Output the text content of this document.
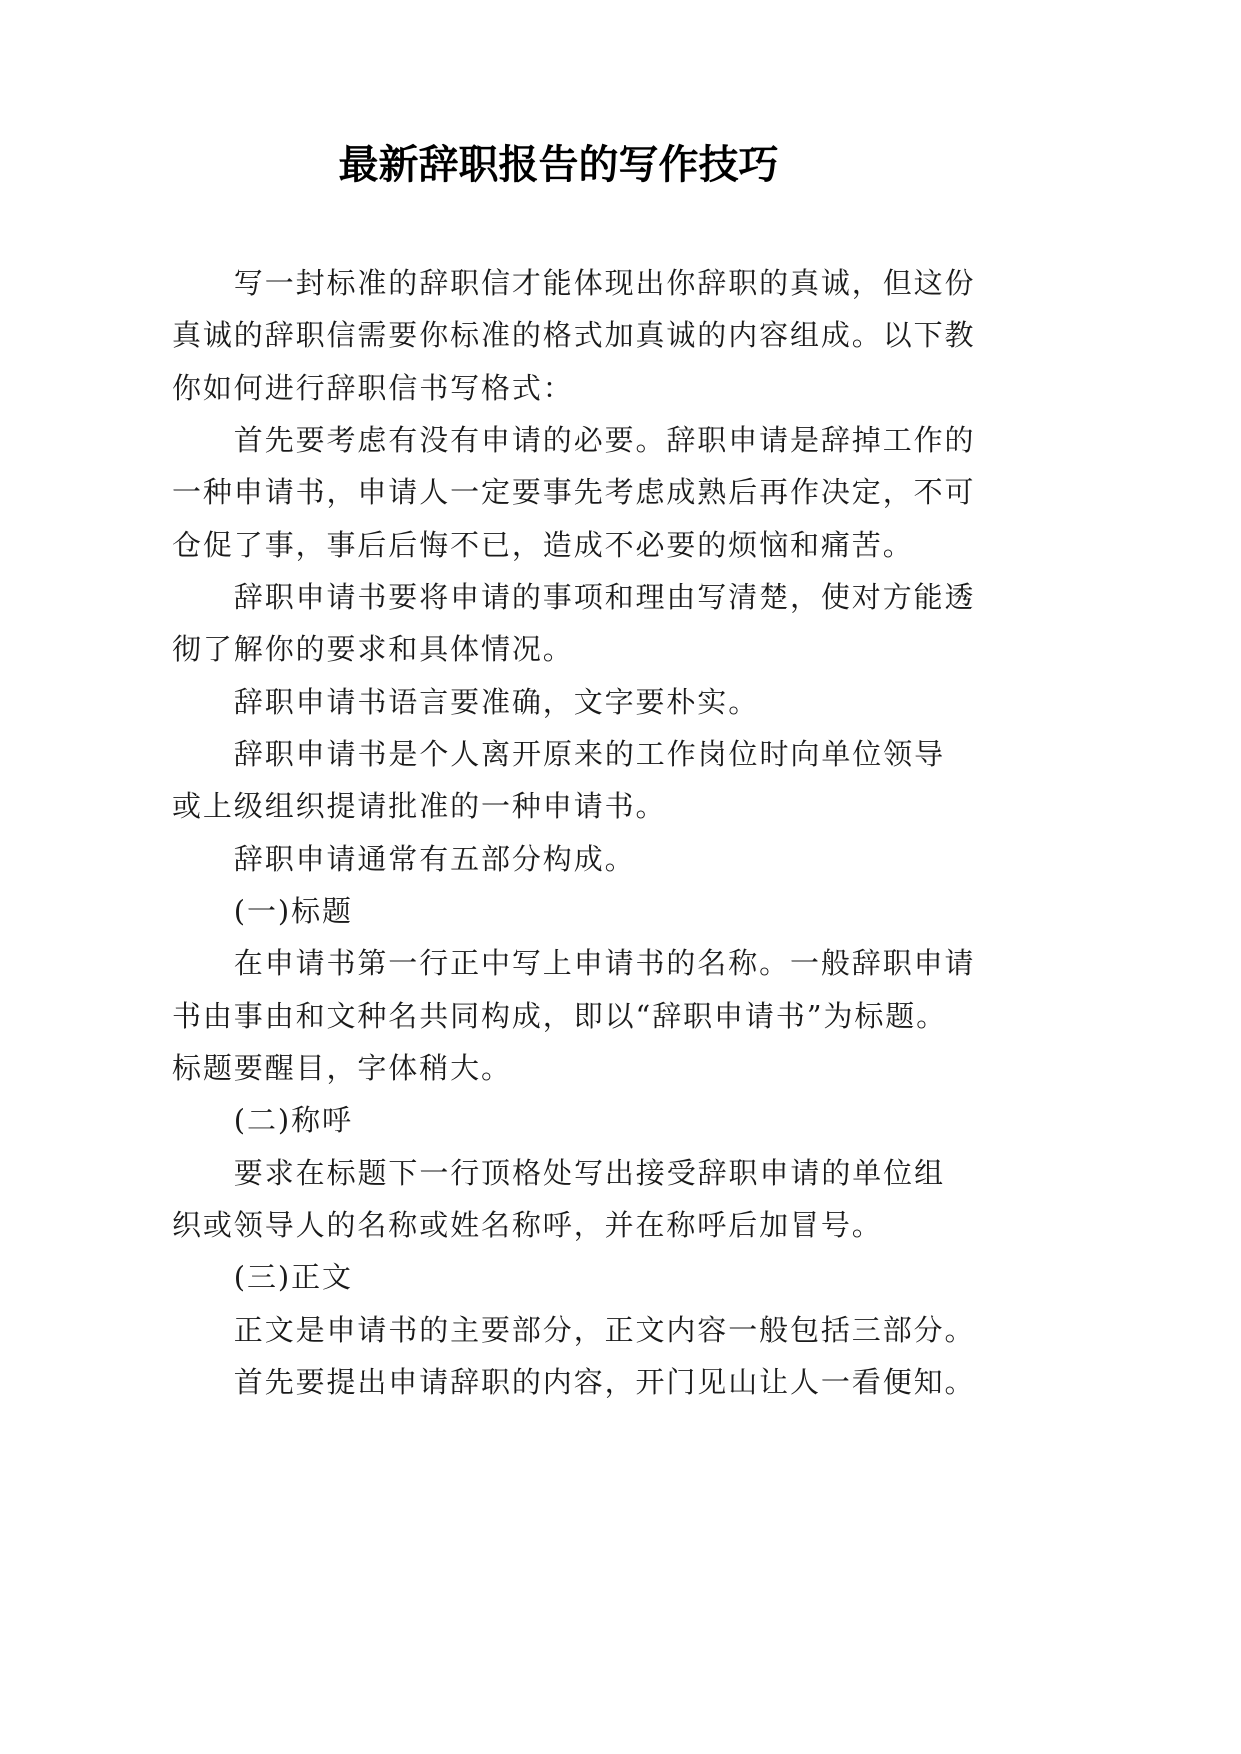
最新辞职报告的写作技巧
写一封标准的辞职信才能体现出你辞职的真诚，但这份
真诚的辞职信需要你标准的格式加真诚的内容组成。以下教
你如何进行辞职信书写格式：
首先要考虑有没有申请的必要。辞职申请是辞掉工作的
一种申请书，申请人一定要事先考虑成熟后再作决定，不可
仓促了事，事后后悔不已，造成不必要的烦恼和痛苦。
辞职申请书要将申请的事项和理由写清楚，使对方能透
彻了解你的要求和具体情况。
辞职申请书语言要准确，文字要朴实。
辞职申请书是个人离开原来的工作岗位时向单位领导
或上级组织提请批准的一种申请书。
辞职申请通常有五部分构成。
(一)标题
在申请书第一行正中写上申请书的名称。一般辞职申请
书由事由和文种名共同构成，即以“辞职申请书”为标题。
标题要醒目，字体稍大。
(二)称呼
要求在标题下一行顶格处写出接受辞职申请的单位组
织或领导人的名称或姓名称呼，并在称呼后加冒号。
(三)正文
正文是申请书的主要部分，正文内容一般包括三部分。
首先要提出申请辞职的内容，开门见山让人一看便知。
